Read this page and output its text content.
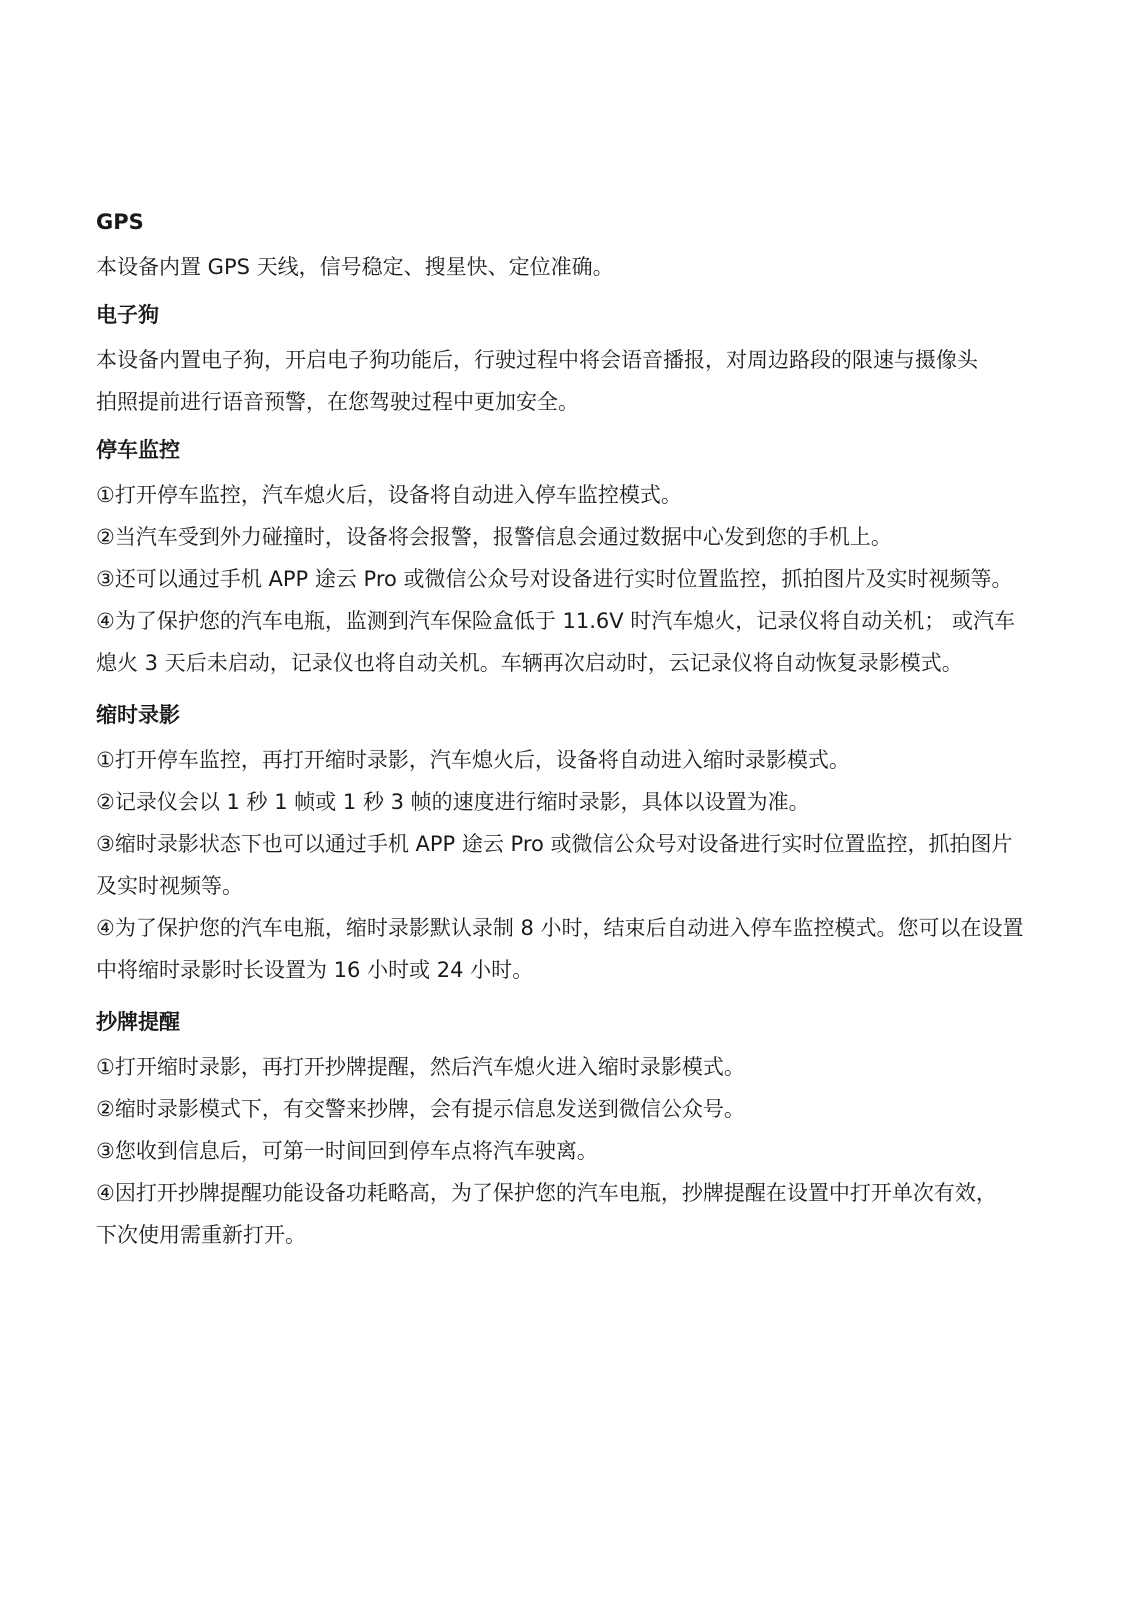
GPS

本设备内置 GPS 天线，信号稳定、搜星快、定位准确。

电子狗

本设备内置电子狗，开启电子狗功能后，行驶过程中将会语音播报，对周边路段的限速与摄像头

拍照提前进行语音预警，在您驾驶过程中更加安全。

停车监控

①打开停车监控，汽车熄火后，设备将自动进入停车监控模式。

②当汽车受到外力碰撞时，设备将会报警，报警信息会通过数据中心发到您的手机上。

③还可以通过手机 APP 途云 Pro 或微信公众号对设备进行实时位置监控，抓拍图片及实时视频等。

④为了保护您的汽车电瓶，监测到汽车保险盒低于 11.6V 时汽车熄火，记录仪将自动关机； 或汽车

熄火 3 天后未启动，记录仪也将自动关机。车辆再次启动时，云记录仪将自动恢复录影模式。

缩时录影

①打开停车监控，再打开缩时录影，汽车熄火后，设备将自动进入缩时录影模式。

②记录仪会以 1 秒 1 帧或 1 秒 3 帧的速度进行缩时录影，具体以设置为准。

③缩时录影状态下也可以通过手机 APP 途云 Pro 或微信公众号对设备进行实时位置监控，抓拍图片

及实时视频等。

④为了保护您的汽车电瓶，缩时录影默认录制 8 小时，结束后自动进入停车监控模式。您可以在设置

中将缩时录影时长设置为 16 小时或 24 小时。

抄牌提醒

①打开缩时录影，再打开抄牌提醒，然后汽车熄火进入缩时录影模式。

②缩时录影模式下，有交警来抄牌，会有提示信息发送到微信公众号。

③您收到信息后，可第一时间回到停车点将汽车驶离。

④因打开抄牌提醒功能设备功耗略高，为了保护您的汽车电瓶，抄牌提醒在设置中打开单次有效，

下次使用需重新打开。
